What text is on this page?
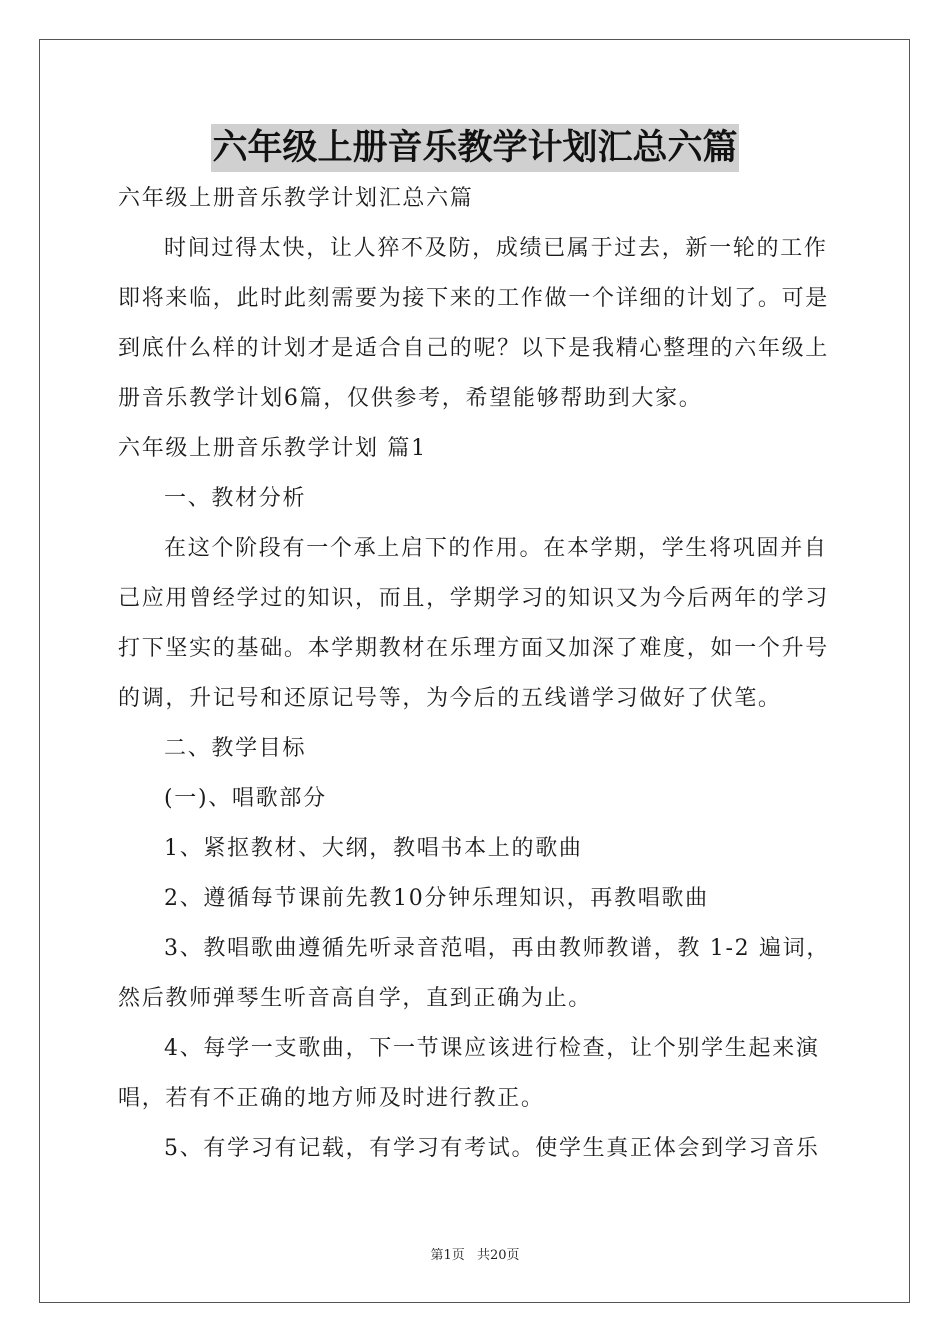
六年级上册音乐教学计划汇总六篇
六年级上册音乐教学计划汇总六篇
时间过得太快，让人猝不及防，成绩已属于过去，新一轮的工作
即将来临，此时此刻需要为接下来的工作做一个详细的计划了。可是
到底什么样的计划才是适合自己的呢？以下是我精心整理的六年级上
册音乐教学计划6篇，仅供参考，希望能够帮助到大家。
六年级上册音乐教学计划 篇1
一、教材分析
在这个阶段有一个承上启下的作用。在本学期，学生将巩固并自
己应用曾经学过的知识，而且，学期学习的知识又为今后两年的学习
打下坚实的基础。本学期教材在乐理方面又加深了难度，如一个升号
的调，升记号和还原记号等，为今后的五线谱学习做好了伏笔。
二、教学目标
(一)、唱歌部分
1、紧抠教材、大纲，教唱书本上的歌曲
2、遵循每节课前先教10分钟乐理知识，再教唱歌曲
3、教唱歌曲遵循先听录音范唱，再由教师教谱，教 1-2 遍词，
然后教师弹琴生听音高自学，直到正确为止。
4、每学一支歌曲，下一节课应该进行检查，让个别学生起来演
唱，若有不正确的地方师及时进行教正。
5、有学习有记载，有学习有考试。使学生真正体会到学习音乐
第1页 共20页
